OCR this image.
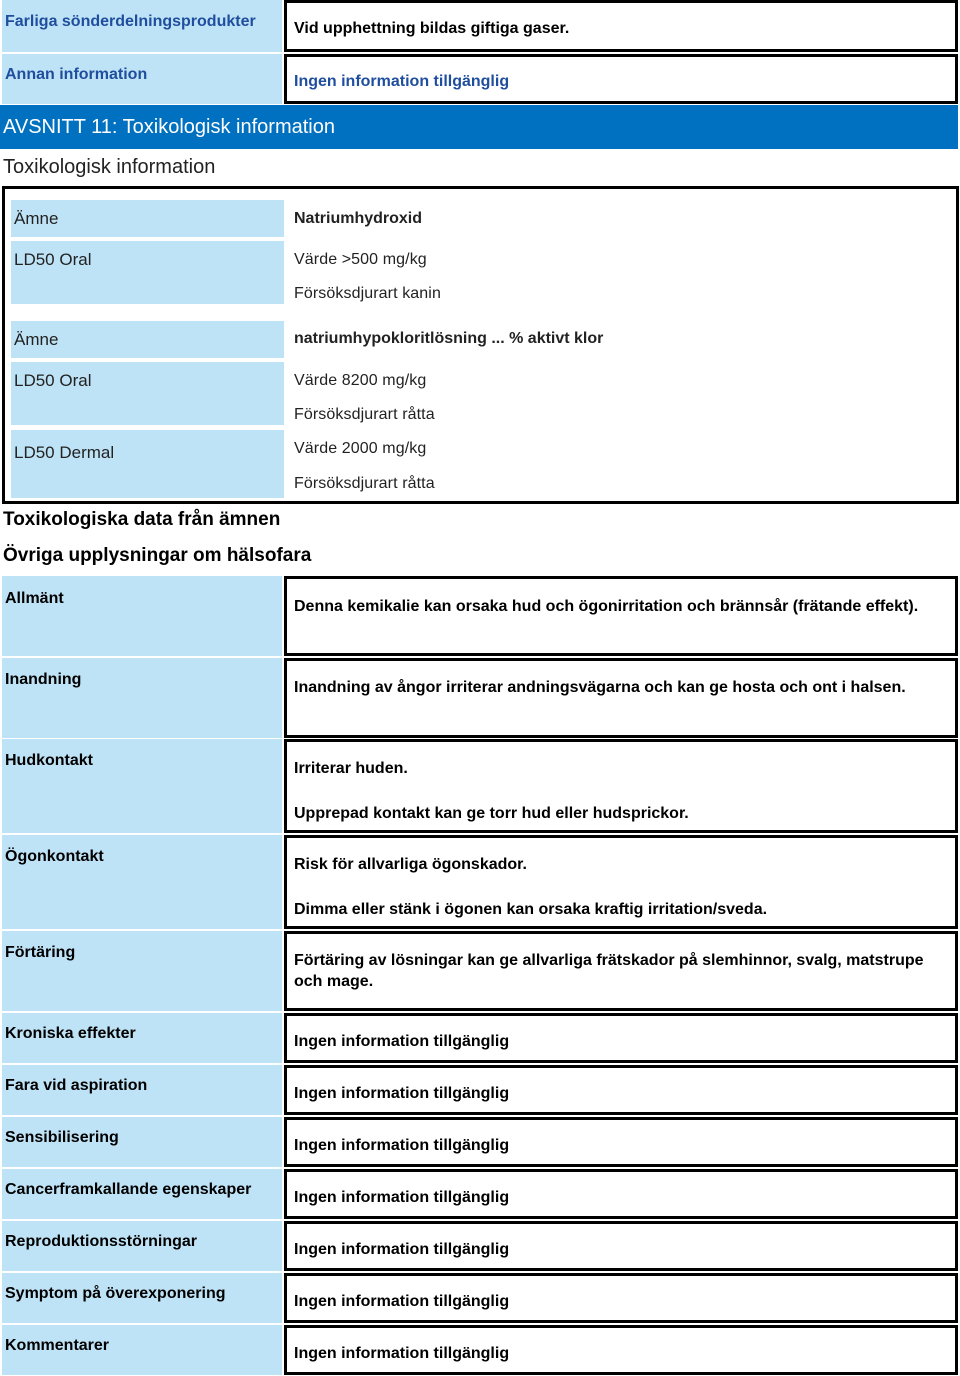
Farliga sönderdelningsprodukter	Vid upphettning bildas giftiga gaser.

Annan information	Ingen information tillgänglig

AVSNITT 11: Toxikologisk information
Toxikologisk information
Ämne	Natriumhydroxid
LD50 Oral	Värde >500 mg/kg
Försöksdjurart kanin
Ämne	natriumhypokloritlösning ... % aktivt klor
LD50 Oral	Värde 8200 mg/kg
Försöksdjurart råtta
LD50 Dermal	Värde 2000 mg/kg
Försöksdjurart råtta
Toxikologiska data från ämnen
Övriga upplysningar om hälsofara
Allmänt	Denna kemikalie kan orsaka hud och ögonirritation och brännsår (frätande effekt).

Inandning	Inandning av ångor irriterar andningsvägarna och kan ge hosta och ont i halsen.

Hudkontakt	Irriterar huden.

Upprepad kontakt kan ge torr hud eller hudsprickor.

Ögonkontakt	Risk för allvarliga ögonskador.

Dimma eller stänk i ögonen kan orsaka kraftig irritation/sveda.

Förtäring	Förtäring av lösningar kan ge allvarliga frätskador på slemhinnor, svalg, matstrupe och mage.

Kroniska effekter	Ingen information tillgänglig

Fara vid aspiration	Ingen information tillgänglig

Sensibilisering	Ingen information tillgänglig

Cancerframkallande egenskaper	Ingen information tillgänglig

Reproduktionsstörningar	Ingen information tillgänglig

Symptom på överexponering	Ingen information tillgänglig

Kommentarer	Ingen information tillgänglig
